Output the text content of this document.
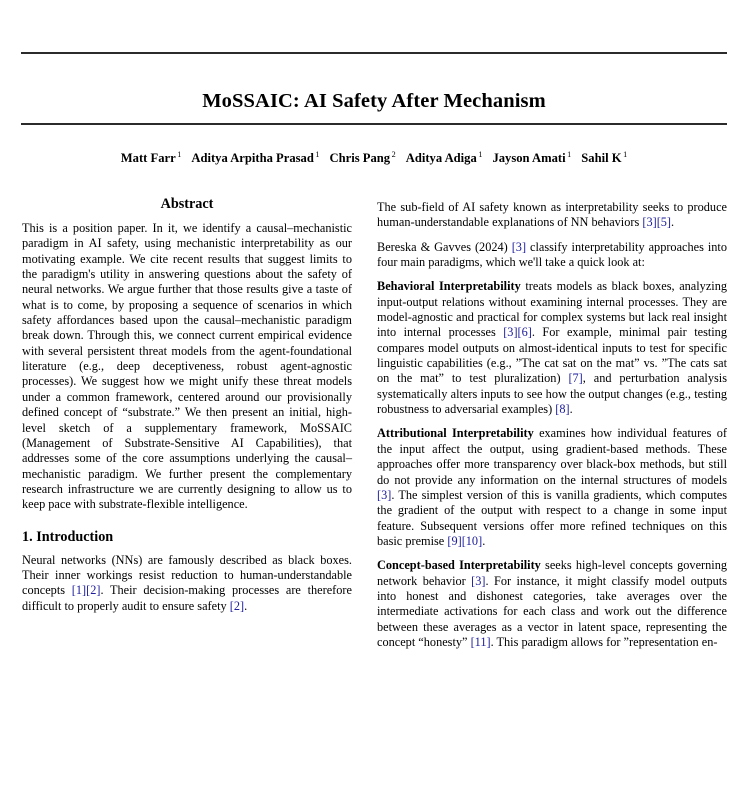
MoSSAIC: AI Safety After Mechanism
Matt Farr $^1$ Aditya Arpitha Prasad $^1$ Chris Pang $^2$ Aditya Adiga $^1$ Jayson Amati $^1$ Sahil K $^1$
Abstract

This is a position paper. In it, we identify a causal–mechanistic paradigm in AI safety, using mechanistic interpretability as our motivating example. We cite recent results that suggest limits to the paradigm's utility in answering questions about the safety of neural networks. We argue further that those results give a taste of what is to come, by proposing a sequence of scenarios in which safety affordances based upon the causal–mechanistic paradigm break down. Through this, we connect current empirical evidence with several persistent threat models from the agent-foundational literature (e.g., deep deceptiveness, robust agent-agnostic processes). We suggest how we might unify these threat models under a common framework, centered around our provisionally defined concept of “substrate.” We then present an initial, high-level sketch of a supplementary framework, MoSSAIC (Management of Substrate-Sensitive AI Capabilities), that addresses some of the core assumptions underlying the causal–mechanistic paradigm. We further present the complementary research infrastructure we are currently designing to allow us to keep pace with substrate-flexible intelligence.

1. Introduction

Neural networks (NNs) are famously described as black boxes. Their inner workings resist reduction to human-understandable concepts [1][2]. Their decision-making processes are therefore difficult to properly audit to ensure safety [2].

The sub-field of AI safety known as interpretability seeks to produce human-understandable explanations of NN behaviors [3][5].

Bereska & Gavves (2024) [3] classify interpretability approaches into four main paradigms, which we'll take a quick look at:

Behavioral Interpretability treats models as black boxes, analyzing input-output relations without examining internal processes. They are model-agnostic and practical for complex systems but lack real insight into internal processes [3][6]. For example, minimal pair testing compares model outputs on almost-identical inputs to test for specific linguistic capabilities (e.g., ”The cat sat on the mat” vs. ”The cats sat on the mat” to test pluralization) [7], and perturbation analysis systematically alters inputs to see how the output changes (e.g., testing robustness to adversarial examples) [8].

Attributional Interpretability examines how individual features of the input affect the output, using gradient-based methods. These approaches offer more transparency over black-box methods, but still do not provide any information on the internal structures of models [3]. The simplest version of this is vanilla gradients, which computes the gradient of the output with respect to a change in some input feature. Subsequent versions offer more refined techniques on this basic premise [9][10].

Concept-based Interpretability seeks high-level concepts governing network behavior [3]. For instance, it might classify model outputs into honest and dishonest categories, take averages over the intermediate activations for each class and work out the difference between these averages as a vector in latent space, representing the concept “honesty” [11]. This paradigm allows for ”representation en-
